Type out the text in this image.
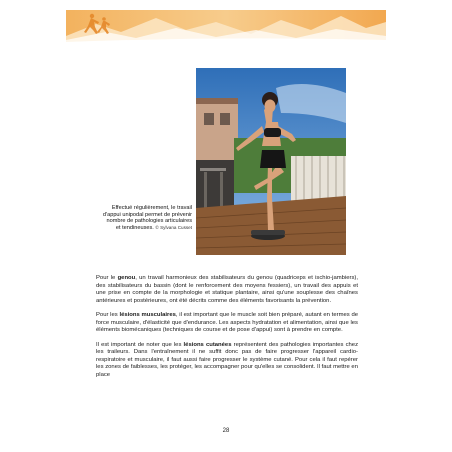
Effectué régulièrement, le travail d'appui unipodal permet de prévenir nombre de pathologies articulaires et tendineuses. © Sylvana Cusset

Pour le genou, un travail harmonieux des stabilisateurs du genou (quadriceps et ischio-jambiers), des stabilisateurs du bassin (dont le renforcement des moyens fessiers), un travail des appuis et une prise en compte de la morphologie et statique plantaire, ainsi qu'une souplesse des chaînes antérieures et postérieures, ont été décrits comme des éléments favorisants la prévention.

Pour les lésions musculaires, il est important que le muscle soit bien préparé, autant en termes de force musculaire, d'élasticité que d'endurance. Les aspects hydratation et alimentation, ainsi que les éléments biomécaniques (techniques de course et de pose d'appui) sont à prendre en compte.

Il est important de noter que les lésions cutanées représentent des pathologies importantes chez les traileurs. Dans l'entraînement il ne suffit donc pas de faire progresser l'appareil cardio-respiratoire et musculaire, il faut aussi faire progresser le système cutané. Pour cela il faut repérer les zones de faiblesses, les protéger, les accompagner pour qu'elles se consolident. Il faut mettre en place

28
